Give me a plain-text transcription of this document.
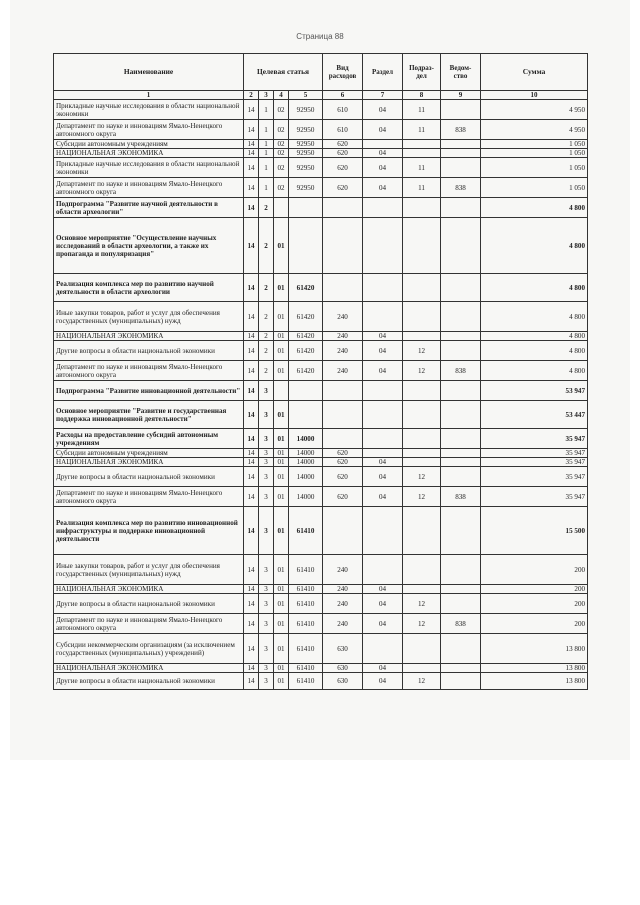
Страница 88
Наименование	Целевая статья				Вид расходов	Раздел	Подраз-дел	Ведом-ство	Сумма
1	2	3	4	5	6	7	8	9	10
Прикладные научные исследования в области национальной экономики	14	1	02	92950	610	04	11		4 950
Департамент по науке и инновациям Ямало-Ненецкого автономного округа	14	1	02	92950	610	04	11	838	4 950
Субсидии автономным учреждениям	14	1	02	92950	620				1 050
НАЦИОНАЛЬНАЯ ЭКОНОМИКА	14	1	02	92950	620	04			1 050
Прикладные научные исследования в области национальной экономики	14	1	02	92950	620	04	11		1 050
Департамент по науке и инновациям Ямало-Ненецкого автономного округа	14	1	02	92950	620	04	11	838	1 050
Подпрограмма "Развитие научной деятельности в области археологии"	14	2							4 800
Основное мероприятие "Осуществление научных исследований в области археологии, а также их пропаганда и популяризация"	14	2	01						4 800
Реализация комплекса мер по развитию научной деятельности в области археологии	14	2	01	61420					4 800
Иные закупки товаров, работ и услуг для обеспечения государственных (муниципальных) нужд	14	2	01	61420	240				4 800
НАЦИОНАЛЬНАЯ ЭКОНОМИКА	14	2	01	61420	240	04			4 800
Другие вопросы в области национальной экономики	14	2	01	61420	240	04	12		4 800
Департамент по науке и инновациям Ямало-Ненецкого автономного округа	14	2	01	61420	240	04	12	838	4 800
Подпрограмма "Развитие инновационной деятельности"	14	3							53 947
Основное мероприятие "Развитие и государственная поддержка инновационной деятельности"	14	3	01						53 447
Расходы на предоставление субсидий автономным учреждениям	14	3	01	14000					35 947
Субсидии автономным учреждениям	14	3	01	14000	620				35 947
НАЦИОНАЛЬНАЯ ЭКОНОМИКА	14	3	01	14000	620	04			35 947
Другие вопросы в области национальной экономики	14	3	01	14000	620	04	12		35 947
Департамент по науке и инновациям Ямало-Ненецкого автономного округа	14	3	01	14000	620	04	12	838	35 947
Реализация комплекса мер по развитию инновационной инфраструктуры и поддержке инновационной деятельности	14	3	01	61410					15 500
Иные закупки товаров, работ и услуг для обеспечения государственных (муниципальных) нужд	14	3	01	61410	240				200
НАЦИОНАЛЬНАЯ ЭКОНОМИКА	14	3	01	61410	240	04			200
Другие вопросы в области национальной экономики	14	3	01	61410	240	04	12		200
Департамент по науке и инновациям Ямало-Ненецкого автономного округа	14	3	01	61410	240	04	12	838	200
Субсидии некоммерческим организациям (за исключением государственных (муниципальных) учреждений)	14	3	01	61410	630				13 800
НАЦИОНАЛЬНАЯ ЭКОНОМИКА	14	3	01	61410	630	04			13 800
Другие вопросы в области национальной экономики	14	3	01	61410	630	04	12		13 800
